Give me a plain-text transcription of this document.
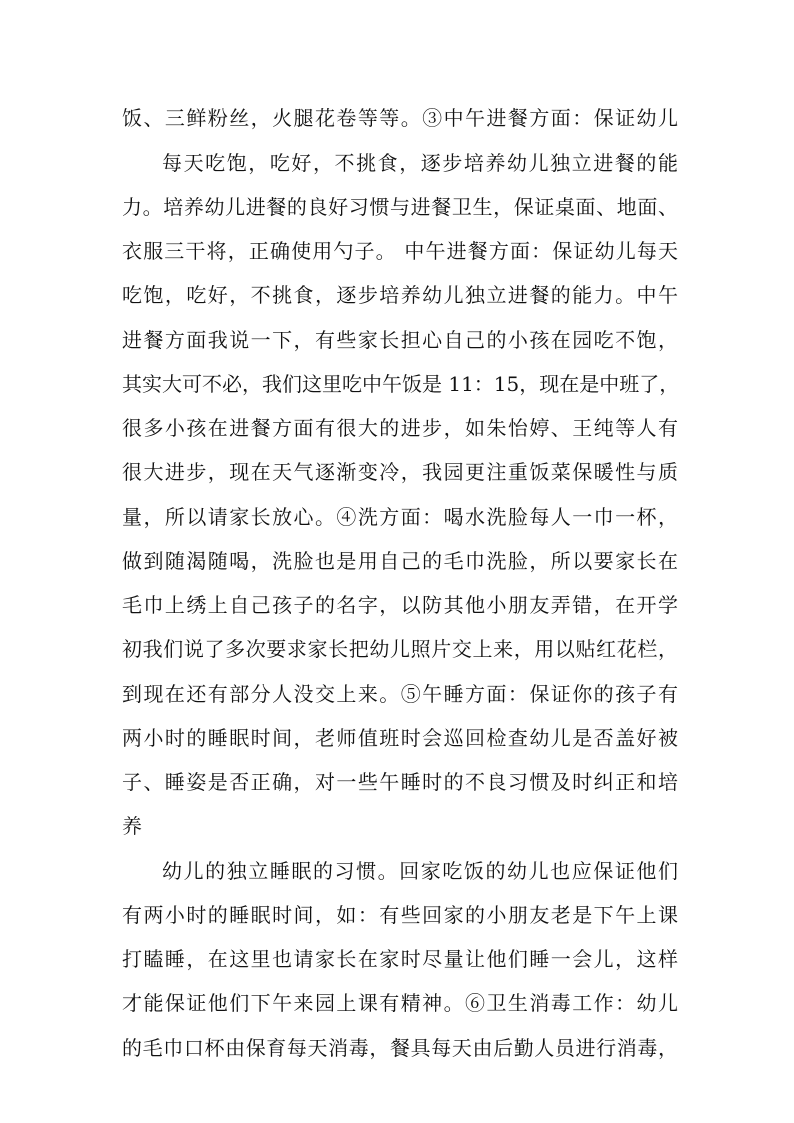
饭、三鲜粉丝，火腿花卷等等。③中午进餐方面：保证幼儿
每天吃饱，吃好，不挑食，逐步培养幼儿独立进餐的能
力。培养幼儿进餐的良好习惯与进餐卫生，保证桌面、地面、
衣服三干将，正确使用勺子。 中午进餐方面：保证幼儿每天
吃饱，吃好，不挑食，逐步培养幼儿独立进餐的能力。中午
进餐方面我说一下，有些家长担心自己的小孩在园吃不饱，
其实大可不必，我们这里吃中午饭是 11：15，现在是中班了，
很多小孩在进餐方面有很大的进步，如朱怡婷、王纯等人有
很大进步，现在天气逐渐变冷，我园更注重饭菜保暖性与质
量，所以请家长放心。④洗方面：喝水洗脸每人一巾一杯，
做到随渴随喝，洗脸也是用自己的毛巾洗脸，所以要家长在
毛巾上绣上自己孩子的名字，以防其他小朋友弄错，在开学
初我们说了多次要求家长把幼儿照片交上来，用以贴红花栏，
到现在还有部分人没交上来。⑤午睡方面：保证你的孩子有
两小时的睡眠时间，老师值班时会巡回检查幼儿是否盖好被
子、睡姿是否正确，对一些午睡时的不良习惯及时纠正和培
养
幼儿的独立睡眠的习惯。回家吃饭的幼儿也应保证他们
有两小时的睡眠时间，如：有些回家的小朋友老是下午上课
打瞌睡，在这里也请家长在家时尽量让他们睡一会儿，这样
才能保证他们下午来园上课有精神。⑥卫生消毒工作：幼儿
的毛巾口杯由保育每天消毒，餐具每天由后勤人员进行消毒，
